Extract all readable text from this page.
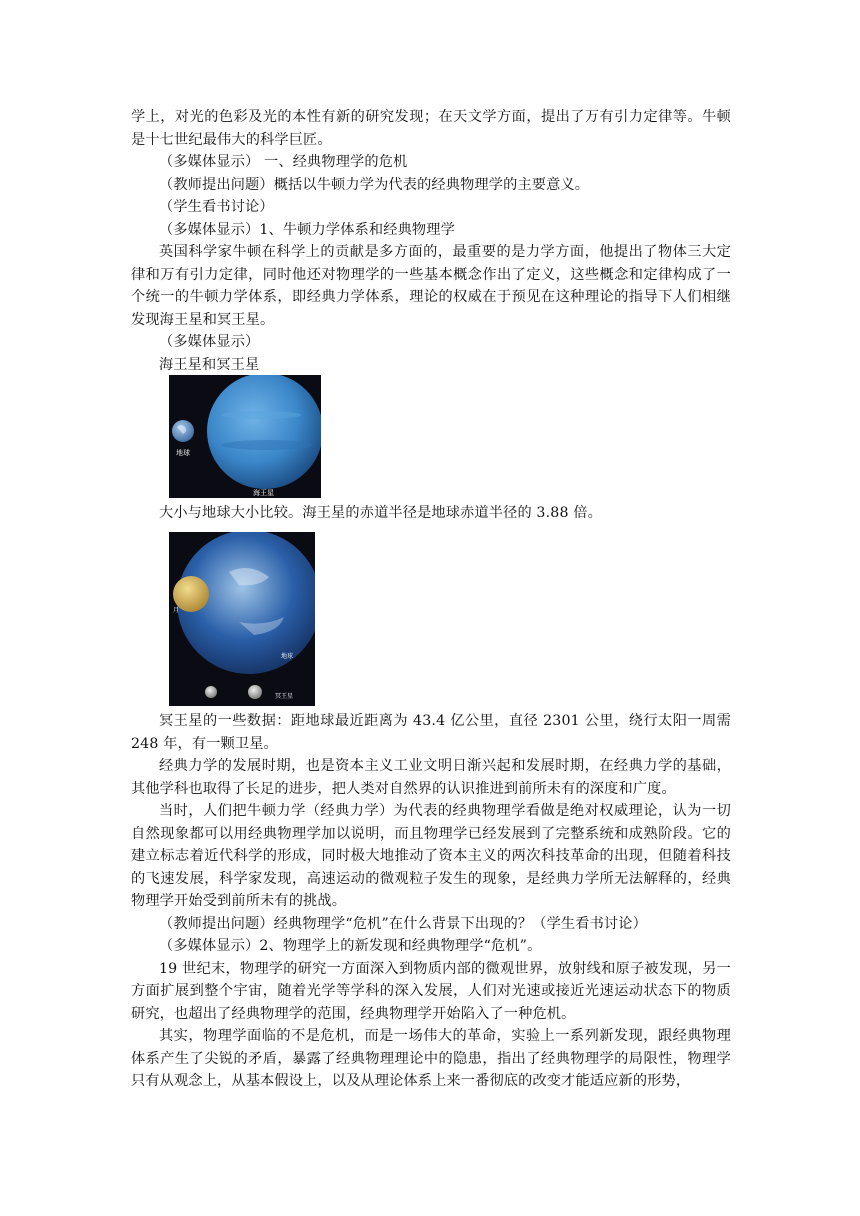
学上，对光的色彩及光的本性有新的研究发现；在天文学方面，提出了万有引力定律等。牛顿是十七世纪最伟大的科学巨匠。

（多媒体显示） 一、经典物理学的危机

（教师提出问题）概括以牛顿力学为代表的经典物理学的主要意义。

（学生看书讨论）

（多媒体显示）1、牛顿力学体系和经典物理学

英国科学家牛顿在科学上的贡献是多方面的，最重要的是力学方面，他提出了物体三大定律和万有引力定律，同时他还对物理学的一些基本概念作出了定义，这些概念和定律构成了一个统一的牛顿力学体系，即经典力学体系，理论的权威在于预见在这种理论的指导下人们相继发现海王星和冥王星。

（多媒体显示）

海王星和冥王星

地球
海王星

大小与地球大小比较。海王星的赤道半径是地球赤道半径的 3.88 倍。

月
地球
冥王星

冥王星的一些数据：距地球最近距离为 43.4 亿公里，直径 2301 公里，绕行太阳一周需 248 年，有一颗卫星。

经典力学的发展时期，也是资本主义工业文明日渐兴起和发展时期，在经典力学的基础，其他学科也取得了长足的进步，把人类对自然界的认识推进到前所未有的深度和广度。

当时，人们把牛顿力学（经典力学）为代表的经典物理学看做是绝对权威理论，认为一切自然现象都可以用经典物理学加以说明，而且物理学已经发展到了完整系统和成熟阶段。它的建立标志着近代科学的形成，同时极大地推动了资本主义的两次科技革命的出现，但随着科技的飞速发展，科学家发现，高速运动的微观粒子发生的现象，是经典力学所无法解释的，经典物理学开始受到前所未有的挑战。

（教师提出问题）经典物理学“危机”在什么背景下出现的？（学生看书讨论）

（多媒体显示）2、物理学上的新发现和经典物理学“危机”。

19 世纪末，物理学的研究一方面深入到物质内部的微观世界，放射线和原子被发现，另一方面扩展到整个宇宙，随着光学等学科的深入发展，人们对光速或接近光速运动状态下的物质研究，也超出了经典物理学的范围，经典物理学开始陷入了一种危机。

其实，物理学面临的不是危机，而是一场伟大的革命，实验上一系列新发现，跟经典物理体系产生了尖锐的矛盾，暴露了经典物理理论中的隐患，指出了经典物理学的局限性，物理学只有从观念上，从基本假设上，以及从理论体系上来一番彻底的改变才能适应新的形势，
